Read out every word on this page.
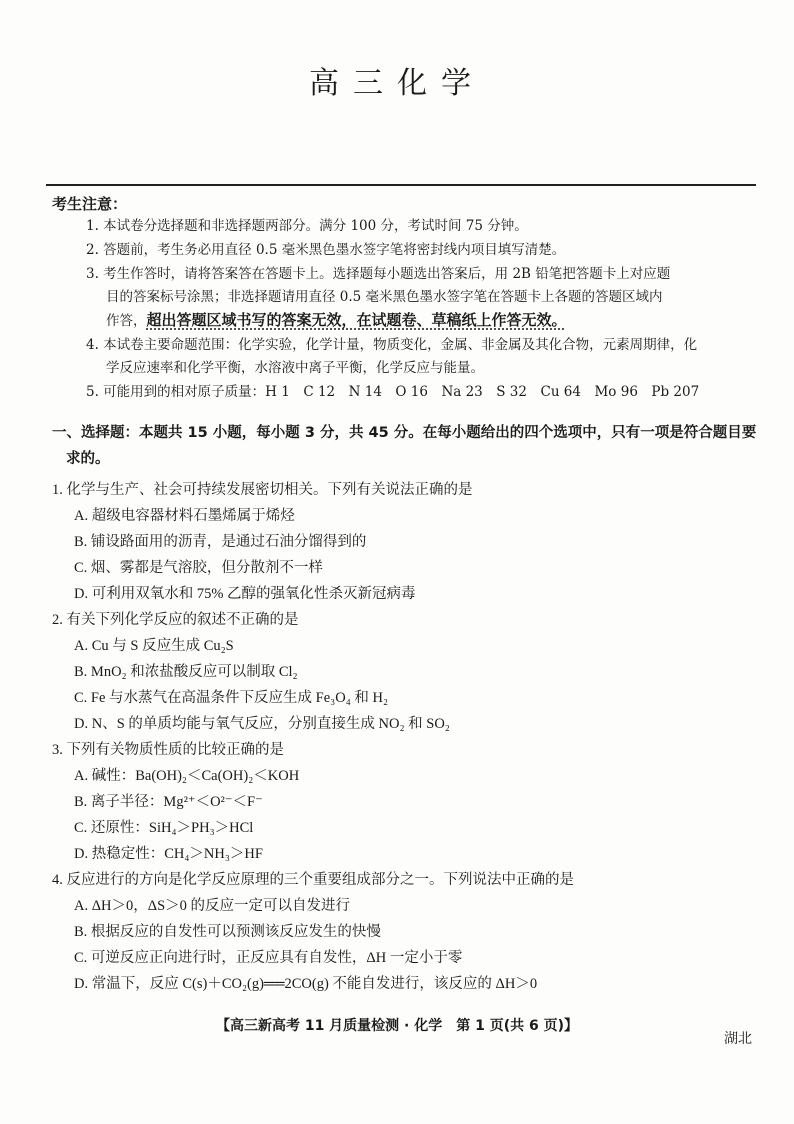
高三化学
考生注意：
1. 本试卷分选择题和非选择题两部分。满分 100 分，考试时间 75 分钟。
2. 答题前，考生务必用直径 0.5 毫米黑色墨水签字笔将密封线内项目填写清楚。
3. 考生作答时，请将答案答在答题卡上。选择题每小题选出答案后，用 2B 铅笔把答题卡上对应题
目的答案标号涂黑；非选择题请用直径 0.5 毫米黑色墨水签字笔在答题卡上各题的答题区域内
作答，超出答题区域书写的答案无效，在试题卷、草稿纸上作答无效。
4. 本试卷主要命题范围：化学实验，化学计量，物质变化，金属、非金属及其化合物，元素周期律，化
学反应速率和化学平衡，水溶液中离子平衡，化学反应与能量。
5. 可能用到的相对原子质量：H 1　C 12　N 14　O 16　Na 23　S 32　Cu 64　Mo 96　Pb 207
一、选择题：本题共 15 小题，每小题 3 分，共 45 分。在每小题给出的四个选项中，只有一项是符合题目要
求的。
1. 化学与生产、社会可持续发展密切相关。下列有关说法正确的是
A. 超级电容器材料石墨烯属于烯烃
B. 铺设路面用的沥青，是通过石油分馏得到的
C. 烟、雾都是气溶胶，但分散剂不一样
D. 可利用双氧水和 75% 乙醇的强氧化性杀灭新冠病毒
2. 有关下列化学反应的叙述不正确的是
A. Cu 与 S 反应生成 Cu₂S
B. MnO₂ 和浓盐酸反应可以制取 Cl₂
C. Fe 与水蒸气在高温条件下反应生成 Fe₃O₄ 和 H₂
D. N、S 的单质均能与氧气反应，分别直接生成 NO₂ 和 SO₂
3. 下列有关物质性质的比较正确的是
A. 碱性：Ba(OH)₂＜Ca(OH)₂＜KOH
B. 离子半径：Mg²⁺＜O²⁻＜F⁻
C. 还原性：SiH₄＞PH₃＞HCl
D. 热稳定性：CH₄＞NH₃＞HF
4. 反应进行的方向是化学反应原理的三个重要组成部分之一。下列说法中正确的是
A. ΔH＞0，ΔS＞0 的反应一定可以自发进行
B. 根据反应的自发性可以预测该反应发生的快慢
C. 可逆反应正向进行时，正反应具有自发性，ΔH 一定小于零
D. 常温下，反应 C(s)＋CO₂(g)══2CO(g) 不能自发进行，该反应的 ΔH＞0
【高三新高考 11 月质量检测 · 化学　第 1 页(共 6 页)】
湖北
